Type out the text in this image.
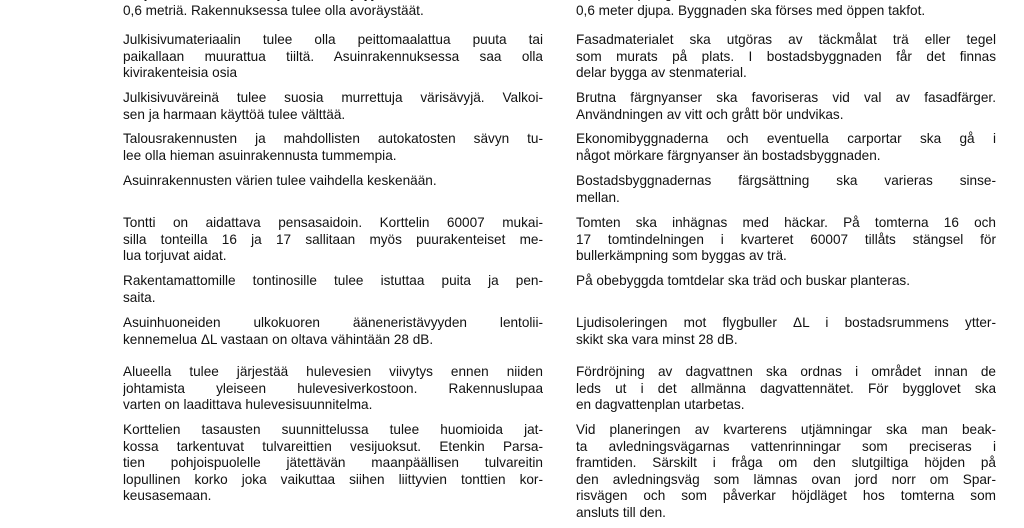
0,6 metriä. Rakennuksessa tulee olla avoräystäät.

Julkisivumateriaalin tulee olla peittomaalattua puuta tai
paikallaan muurattua tiiltä. Asuinrakennuksessa saa olla
kivirakenteisia osia

Julkisivuväreinä tulee suosia murrettuja värisävyjä. Valkoi-
sen ja harmaan käyttöä tulee välttää.

Talousrakennusten ja mahdollisten autokatosten sävyn tu-
lee olla hieman asuinrakennusta tummempia.

Asuinrakennusten värien tulee vaihdella keskenään.

Tontti on aidattava pensasaidoin. Korttelin 60007 mukai-
silla tonteilla 16 ja 17 sallitaan myös puurakenteiset me-
lua torjuvat aidat.

Rakentamattomille tontinosille tulee istuttaa puita ja pen-
saita.

Asuinhuoneiden ulkokuoren ääneneristävyyden lentolii-
kennemelua ΔL vastaan on oltava vähintään 28 dB.

Alueella tulee järjestää hulevesien viivytys ennen niiden
johtamista yleiseen hulevesiverkostoon. Rakennuslupaa
varten on laadittava hulevesisuunnitelma.

Korttelien tasausten suunnittelussa tulee huomioida jat-
kossa tarkentuvat tulvareittien vesijuoksut. Etenkin Parsa-
tien pohjoispuolelle jätettävän maanpäällisen tulvareitin
lopullinen korko joka vaikuttaa siihen liittyvien tonttien kor-
keusasemaan.

0,6 meter djupa. Byggnaden ska förses med öppen takfot.

Fasadmaterialet ska utgöras av täckmålat trä eller tegel
som murats på plats. I bostadsbyggnaden får det finnas
delar bygga av stenmaterial.

Brutna färgnyanser ska favoriseras vid val av fasadfärger.
Användningen av vitt och grått bör undvikas.

Ekonomibyggnaderna och eventuella carportar ska gå i
något mörkare färgnyanser än bostadsbyggnaden.

Bostadsbyggnadernas färgsättning ska varieras sinse-
mellan.

Tomten ska inhägnas med häckar. På tomterna 16 och
17 tomtindelningen i kvarteret 60007 tillåts stängsel för
bullerkämpning som byggas av trä.

På obebyggda tomtdelar ska träd och buskar planteras.

Ljudisoleringen mot flygbuller ΔL i bostadsrummens ytter-
skikt ska vara minst 28 dB.

Fördröjning av dagvattnen ska ordnas i området innan de
leds ut i det allmänna dagvattennätet. För bygglovet ska
en dagvattenplan utarbetas.

Vid planeringen av kvarterens utjämningar ska man beak-
ta avledningsvägarnas vattenrinningar som preciseras i
framtiden. Särskilt i fråga om den slutgiltiga höjden på
den avledningsväg som lämnas ovan jord norr om Spar-
risvägen och som påverkar höjdläget hos tomterna som
ansluts till den.
